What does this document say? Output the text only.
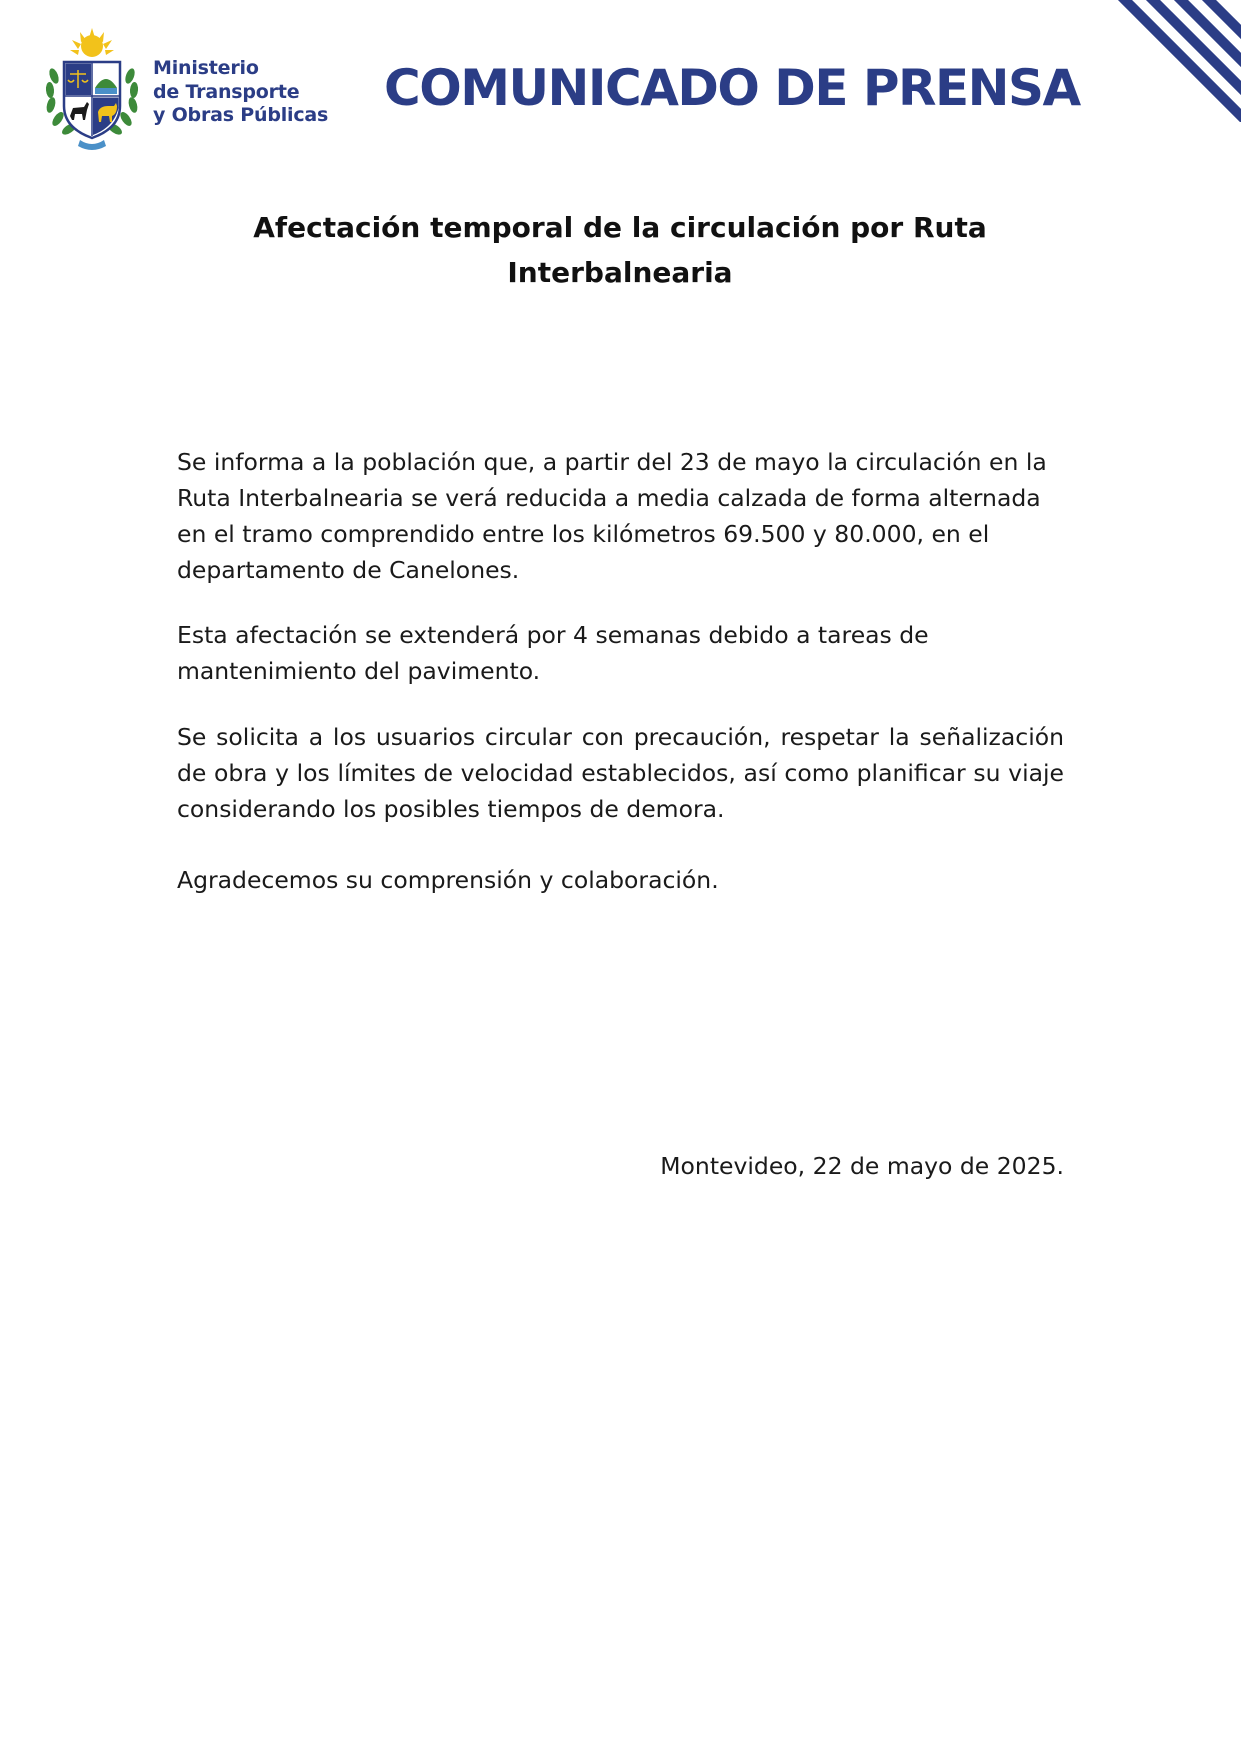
Ministerio
de Transporte
y Obras Públicas COMUNICADO DE PRENSA
Afectación temporal de la circulación por Ruta Interbalnearia

Se informa a la población que, a partir del 23 de mayo la circulación en la Ruta Interbalnearia se verá reducida a media calzada de forma alternada en el tramo comprendido entre los kilómetros 69.500 y 80.000, en el departamento de Canelones.

Esta afectación se extenderá por 4 semanas debido a tareas de mantenimiento del pavimento.

Se solicita a los usuarios circular con precaución, respetar la señalización de obra y los límites de velocidad establecidos, así como planificar su viaje considerando los posibles tiempos de demora.

Agradecemos su comprensión y colaboración.

Montevideo, 22 de mayo de 2025.
